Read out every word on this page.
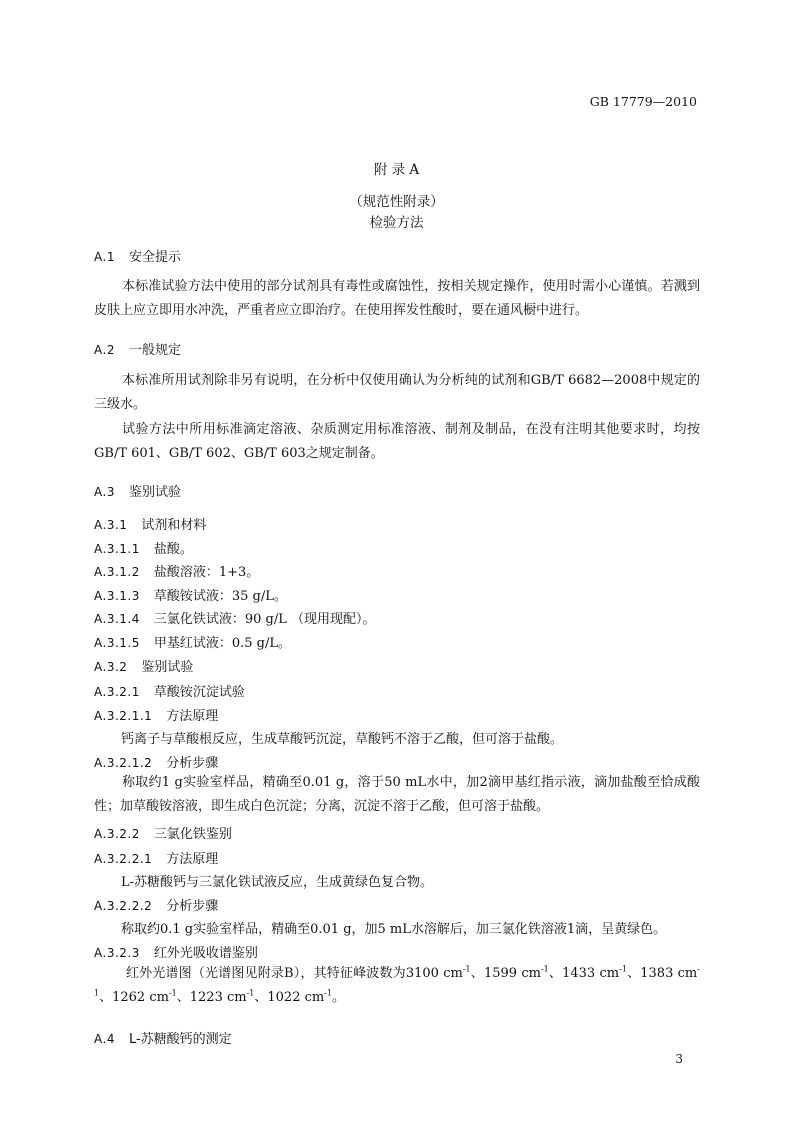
GB 17779—2010
附 录 A
（规范性附录）
检验方法
A.1 安全提示
本标准试验方法中使用的部分试剂具有毒性或腐蚀性，按相关规定操作，使用时需小心谨慎。若溅到皮肤上应立即用水冲洗，严重者应立即治疗。在使用挥发性酸时，要在通风橱中进行。
A.2 一般规定
本标准所用试剂除非另有说明，在分析中仅使用确认为分析纯的试剂和GB/T 6682—2008中规定的三级水。
试验方法中所用标准滴定溶液、杂质测定用标准溶液、制剂及制品，在没有注明其他要求时，均按GB/T 601、GB/T 602、GB/T 603之规定制备。
A.3 鉴别试验
A.3.1 试剂和材料
A.3.1.1 盐酸。
A.3.1.2 盐酸溶液：1+3。
A.3.1.3 草酸铵试液：35 g/L。
A.3.1.4 三氯化铁试液：90 g/L （现用现配）。
A.3.1.5 甲基红试液：0.5 g/L。
A.3.2 鉴别试验
A.3.2.1 草酸铵沉淀试验
A.3.2.1.1 方法原理
钙离子与草酸根反应，生成草酸钙沉淀，草酸钙不溶于乙酸，但可溶于盐酸。
A.3.2.1.2 分析步骤
称取约1 g实验室样品，精确至0.01 g，溶于50 mL水中，加2滴甲基红指示液，滴加盐酸至恰成酸性；加草酸铵溶液，即生成白色沉淀；分离，沉淀不溶于乙酸，但可溶于盐酸。
A.3.2.2 三氯化铁鉴别
A.3.2.2.1 方法原理
L-苏糖酸钙与三氯化铁试液反应，生成黄绿色复合物。
A.3.2.2.2 分析步骤
称取约0.1 g实验室样品，精确至0.01 g，加5 mL水溶解后，加三氯化铁溶液1滴，呈黄绿色。
A.3.2.3 红外光吸收谱鉴别
红外光谱图（光谱图见附录B），其特征峰波数为3100 $cm^{-1}$、1599 $cm^{-1}$、1433 $cm^{-1}$、1383 $cm^{-1}$、1262 $cm^{-1}$、1223 $cm^{-1}$、1022 $cm^{-1}$。
A.4 L-苏糖酸钙的测定
3
